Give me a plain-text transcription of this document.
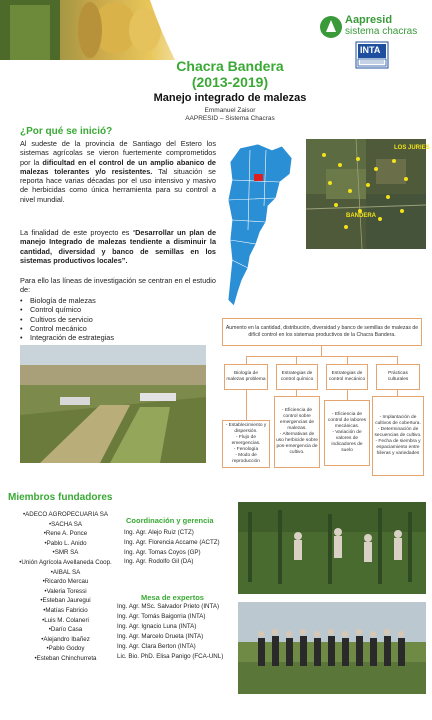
Aapresid
sistema chacras
INTA
Chacra Bandera
(2013-2019)
Manejo integrado de malezas
Emmanuel Zaisor
AAPRESID – Sistema Chacras
¿Por qué se inició?
Al sudeste de la provincia de Santiago del Estero los sistemas agrícolas se vieron fuertemente comprometidos por la dificultad en el control de un amplio abanico de malezas tolerantes y/o resistentes. Tal situación se reporta hace varias décadas por el uso intensivo y masivo de herbicidas como única herramienta para su control a nivel mundial.
La finalidad de este proyecto es “Desarrollar un plan de manejo Integrado de malezas tendiente a disminuir la cantidad, diversidad y banco de semillas en los sistemas productivos locales”.
Para ello las líneas de investigación se centran en el estudio de:
• Biología de malezas
• Control químico
• Cultivos de servicio
• Control mecánico
• Integración de estrategias
LOS JURIES
BANDERA
Aumento en la cantidad, distribución, diversidad y banco de semillas de malezas de difícil control en los sistemas productivos de la Chacra Bandera.
Biología de malezas problema
Estrategias de control químico
Estrategias de control mecánico
Prácticas culturales
- Establecimiento y dispersión.
- Flujo de emergencias.
- Fenología
- Modo de reproducción
- Eficiencia de control sobre emergencias de malezas.
- Alternativas de uso herbicide sobre pos-emergencia de cultivo.
- Eficiencia de control de labores mecánicas.
- Variación de valores de indicadores de suelo
- Implantación de cultivos de cobertura.
- Determinación de secuencias de cultivo.
- Fecha de siembra y espaciamiento entre hileras y variedades
Miembros fundadores
•ADECO AGROPECUARIA SA
•SACHA SA
•Rene A. Ponce
•Pablo L. Anido
•SMR SA
•Unión Agrícola Avellaneda Coop.
•AIBAL SA
•Ricardo Mercau
•Valeria Toressi
•Esteban Jauregui
•Matías Fabricio
•Luis M. Colaneri
•Darío Casa
•Alejandro Ibañez
•Pablo Godoy
•Esteban Chinchurreta
Coordinación y gerencia
Ing. Agr. Alejo Ruiz (CTZ)
Ing. Agr. Florencia Accame (ACTZ)
Ing. Agr. Tomas Coyos (GP)
Ing. Agr. Rodolfo Gil (DA)
Mesa de expertos
Ing. Agr. MSc. Salvador Prieto (INTA)
Ing. Agr. Tomás Baigorria (INTA)
Ing. Agr. Ignacio Luna (INTA)
Ing. Agr. Marcelo Drueta (INTA)
Ing. Agr. Clara Berton (INTA)
Lic. Bio. PhD. Elisa Panigo (FCA-UNL)
